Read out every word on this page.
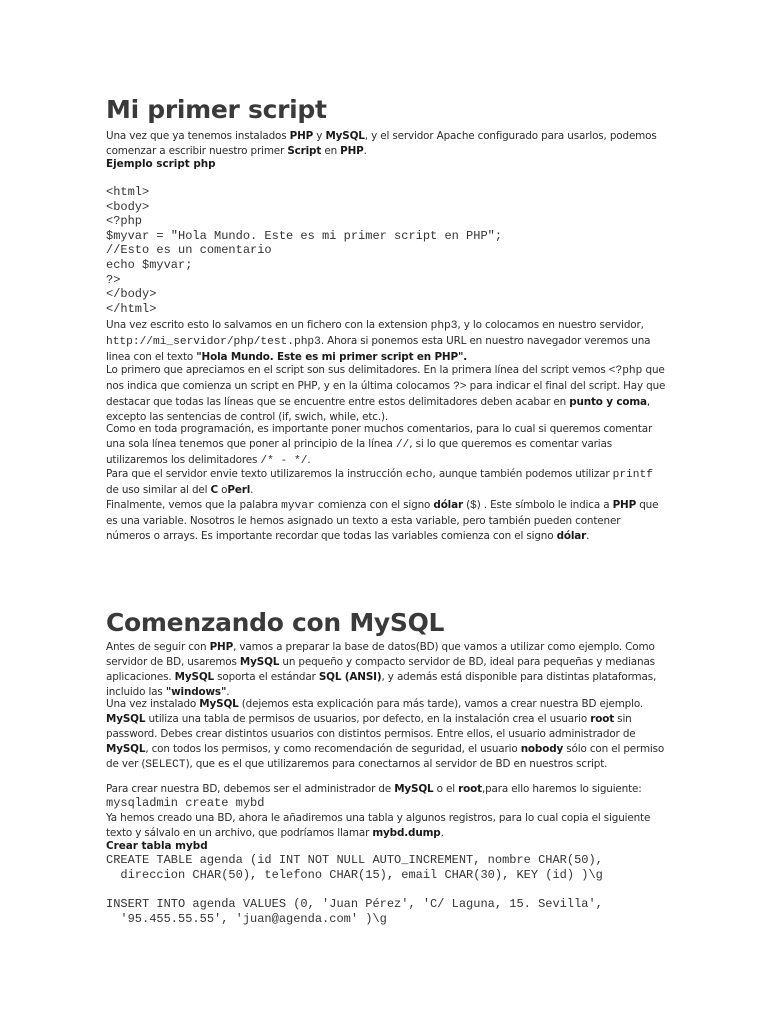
Mi primer script
Una vez que ya tenemos instalados PHP y MySQL, y el servidor Apache configurado para usarlos, podemos comenzar a escribir nuestro primer Script en PHP.
Ejemplo script php
<html>
<body>
<?php
$myvar = "Hola Mundo. Este es mi primer script en PHP";
//Esto es un comentario
echo $myvar;
?>
</body>
</html>
Una vez escrito esto lo salvamos en un fichero con la extension php3, y lo colocamos en nuestro servidor, http://mi_servidor/php/test.php3. Ahora si ponemos esta URL en nuestro navegador veremos una linea con el texto "Hola Mundo. Este es mi primer script en PHP".
Lo primero que apreciamos en el script son sus delimitadores. En la primera línea del script vemos <?php que nos indica que comienza un script en PHP, y en la última colocamos ?> para indicar el final del script. Hay que destacar que todas las líneas que se encuentre entre estos delimitadores deben acabar en punto y coma, excepto las sentencias de control (if, swich, while, etc.).
Como en toda programación, es importante poner muchos comentarios, para lo cual si queremos comentar una sola línea tenemos que poner al principio de la línea //, si lo que queremos es comentar varias utilizaremos los delimitadores /* - */.
Para que el servidor envie texto utilizaremos la instrucción echo, aunque también podemos utilizar printf de uso similar al del C oPerl.
Finalmente, vemos que la palabra myvar comienza con el signo dólar ($) . Este símbolo le indica a PHP que es una variable. Nosotros le hemos asignado un texto a esta variable, pero también pueden contener números o arrays. Es importante recordar que todas las variables comienza con el signo dólar.
Comenzando con MySQL
Antes de seguir con PHP, vamos a preparar la base de datos(BD) que vamos a utilizar como ejemplo. Como servidor de BD, usaremos MySQL un pequeño y compacto servidor de BD, ideal para pequeñas y medianas aplicaciones. MySQL soporta el estándar SQL (ANSI), y además está disponible para distintas plataformas, incluido las "windows".
Una vez instalado MySQL (dejemos esta explicación para más tarde), vamos a crear nuestra BD ejemplo. MySQL utiliza una tabla de permisos de usuarios, por defecto, en la instalación crea el usuario root sin password. Debes crear distintos usuarios con distintos permisos. Entre ellos, el usuario administrador de MySQL, con todos los permisos, y como recomendación de seguridad, el usuario nobody sólo con el permiso de ver (SELECT), que es el que utilizaremos para conectarnos al servidor de BD en nuestros script.
Para crear nuestra BD, debemos ser el administrador de MySQL o el root,para ello haremos lo siguiente:
mysqladmin create mybd
Ya hemos creado una BD, ahora le añadiremos una tabla y algunos registros, para lo cual copia el siguiente texto y sálvalo en un archivo, que podríamos llamar mybd.dump.
Crear tabla mybd
CREATE TABLE agenda (id INT NOT NULL AUTO_INCREMENT, nombre CHAR(50),
direccion CHAR(50), telefono CHAR(15), email CHAR(30), KEY (id) )\g
INSERT INTO agenda VALUES (0, 'Juan Pérez', 'C/ Laguna, 15. Sevilla',
'95.455.55.55', 'juan@agenda.com' )\g
